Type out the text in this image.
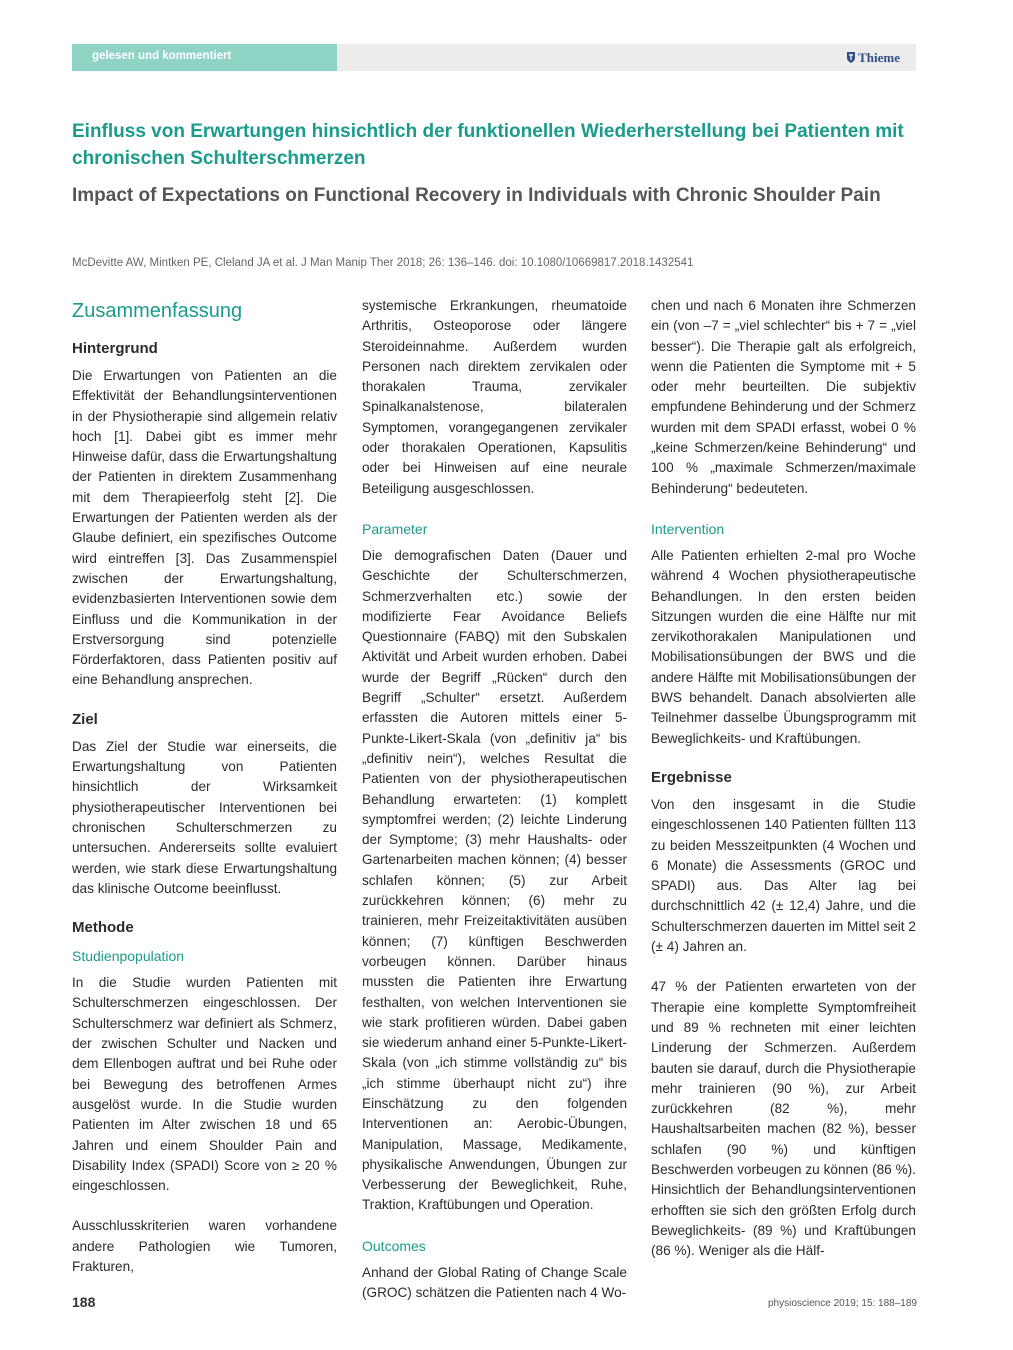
gelesen und kommentiert	Thieme
Einfluss von Erwartungen hinsichtlich der funktionellen Wiederherstellung bei Patienten mit chronischen Schulterschmerzen
Impact of Expectations on Functional Recovery in Individuals with Chronic Shoulder Pain
McDevitte AW, Mintken PE, Cleland JA et al. J Man Manip Ther 2018; 26: 136–146. doi: 10.1080/10669817.2018.1432541
Zusammenfassung
Hintergrund

Die Erwartungen von Patienten an die Effektivität der Behandlungsinterventionen in der Physiotherapie sind allgemein relativ hoch [1]. Dabei gibt es immer mehr Hinweise dafür, dass die Erwartungshaltung der Patienten in direktem Zusammenhang mit dem Therapieerfolg steht [2]. Die Erwartungen der Patienten werden als der Glaube definiert, ein spezifisches Outcome wird eintreffen [3]. Das Zusammenspiel zwischen der Erwartungshaltung, evidenzbasierten Interventionen sowie dem Einfluss und die Kommunikation in der Erstversorgung sind potenzielle Förderfaktoren, dass Patienten positiv auf eine Behandlung ansprechen.

Ziel

Das Ziel der Studie war einerseits, die Erwartungshaltung von Patienten hinsichtlich der Wirksamkeit physiotherapeutischer Interventionen bei chronischen Schulterschmerzen zu untersuchen. Andererseits sollte evaluiert werden, wie stark diese Erwartungshaltung das klinische Outcome beeinflusst.

Methode
Studienpopulation

In die Studie wurden Patienten mit Schulterschmerzen eingeschlossen. Der Schulterschmerz war definiert als Schmerz, der zwischen Schulter und Nacken und dem Ellenbogen auftrat und bei Ruhe oder bei Bewegung des betroffenen Armes ausgelöst wurde. In die Studie wurden Patienten im Alter zwischen 18 und 65 Jahren und einem Shoulder Pain and Disability Index (SPADI) Score von ≥ 20 % eingeschlossen.

Ausschlusskriterien waren vorhandene andere Pathologien wie Tumoren, Frakturen,

systemische Erkrankungen, rheumatoide Arthritis, Osteoporose oder längere Steroideinnahme. Außerdem wurden Personen nach direktem zervikalen oder thorakalen Trauma, zervikaler Spinalkanalstenose, bilateralen Symptomen, vorangegangenen zervikaler oder thorakalen Operationen, Kapsulitis oder bei Hinweisen auf eine neurale Beteiligung ausgeschlossen.

Parameter

Die demografischen Daten (Dauer und Geschichte der Schulterschmerzen, Schmerzverhalten etc.) sowie der modifizierte Fear Avoidance Beliefs Questionnaire (FABQ) mit den Subskalen Aktivität und Arbeit wurden erhoben. Dabei wurde der Begriff „Rücken“ durch den Begriff „Schulter“ ersetzt. Außerdem erfassten die Autoren mittels einer 5-Punkte-Likert-Skala (von „definitiv ja“ bis „definitiv nein“), welches Resultat die Patienten von der physiotherapeutischen Behandlung erwarteten: (1) komplett symptomfrei werden; (2) leichte Linderung der Symptome; (3) mehr Haushalts- oder Gartenarbeiten machen können; (4) besser schlafen können; (5) zur Arbeit zurückkehren können; (6) mehr zu trainieren, mehr Freizeitaktivitäten ausüben können; (7) künftigen Beschwerden vorbeugen können. Darüber hinaus mussten die Patienten ihre Erwartung festhalten, von welchen Interventionen sie wie stark profitieren würden. Dabei gaben sie wiederum anhand einer 5-Punkte-Likert-Skala (von „ich stimme vollständig zu“ bis „ich stimme überhaupt nicht zu“) ihre Einschätzung zu den folgenden Interventionen an: Aerobic-Übungen, Manipulation, Massage, Medikamente, physikalische Anwendungen, Übungen zur Verbesserung der Beweglichkeit, Ruhe, Traktion, Kraftübungen und Operation.

Outcomes

Anhand der Global Rating of Change Scale (GROC) schätzen die Patienten nach 4 Wo-

chen und nach 6 Monaten ihre Schmerzen ein (von –7 = „viel schlechter“ bis + 7 = „viel besser“). Die Therapie galt als erfolgreich, wenn die Patienten die Symptome mit + 5 oder mehr beurteilten. Die subjektiv empfundene Behinderung und der Schmerz wurden mit dem SPADI erfasst, wobei 0 % „keine Schmerzen/keine Behinderung“ und 100 % „maximale Schmerzen/maximale Behinderung“ bedeuteten.

Intervention

Alle Patienten erhielten 2-mal pro Woche während 4 Wochen physiotherapeutische Behandlungen. In den ersten beiden Sitzungen wurden die eine Hälfte nur mit zervikothorakalen Manipulationen und Mobilisationsübungen der BWS und die andere Hälfte mit Mobilisationsübungen der BWS behandelt. Danach absolvierten alle Teilnehmer dasselbe Übungsprogramm mit Beweglichkeits- und Kraftübungen.

Ergebnisse

Von den insgesamt in die Studie eingeschlossenen 140 Patienten füllten 113 zu beiden Messzeitpunkten (4 Wochen und 6 Monate) die Assessments (GROC und SPADI) aus. Das Alter lag bei durchschnittlich 42 (± 12,4) Jahre, und die Schulterschmerzen dauerten im Mittel seit 2 (± 4) Jahren an.

47 % der Patienten erwarteten von der Therapie eine komplette Symptomfreiheit und 89 % rechneten mit einer leichten Linderung der Schmerzen. Außerdem bauten sie darauf, durch die Physiotherapie mehr trainieren (90 %), zur Arbeit zurückkehren (82 %), mehr Haushaltsarbeiten machen (82 %), besser schlafen (90 %) und künftigen Beschwerden vorbeugen zu können (86 %). Hinsichtlich der Behandlungsinterventionen erhofften sie sich den größten Erfolg durch Beweglichkeits- (89 %) und Kraftübungen (86 %). Weniger als die Hälf-

188	physioscience 2019; 15: 188–189
